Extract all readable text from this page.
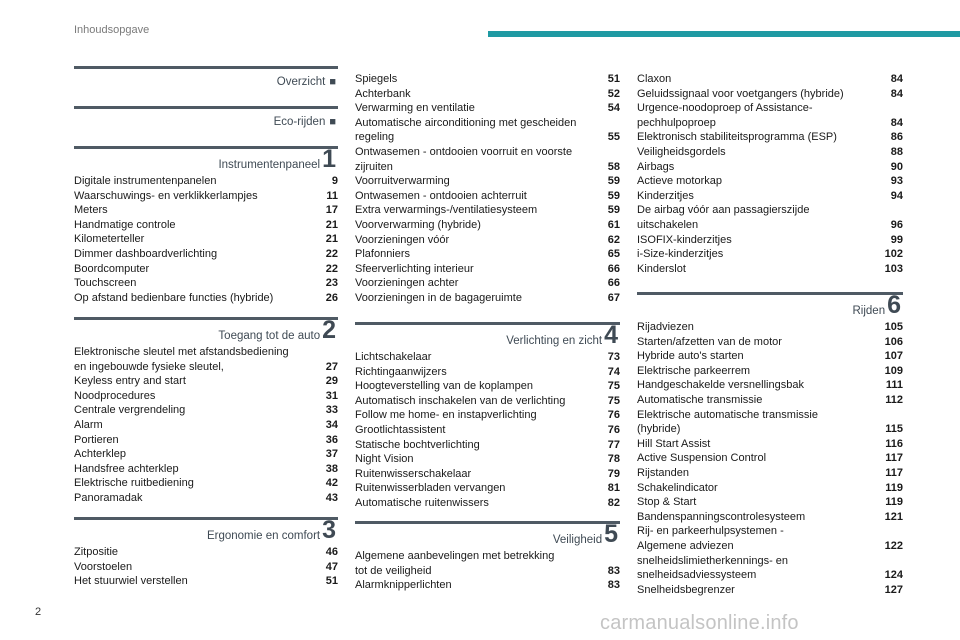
Inhoudsopgave
Overzicht ■
Eco-rijden ■
Instrumentenpaneel1
Digitale instrumentenpanelen	9
Waarschuwings- en verklikkerlampjes	11
Meters	17
Handmatige controle	21
Kilometerteller	21
Dimmer dashboardverlichting	22
Boordcomputer	22
Touchscreen	23
Op afstand bedienbare functies (hybride)	26
Toegang tot de auto2
Elektronische sleutel met afstandsbediening
en ingebouwde fysieke sleutel,	27
Keyless entry and start	29
Noodprocedures	31
Centrale vergrendeling	33
Alarm	34
Portieren	36
Achterklep	37
Handsfree achterklep	38
Elektrische ruitbediening	42
Panoramadak	43
Ergonomie en comfort3
Zitpositie	46
Voorstoelen	47
Het stuurwiel verstellen	51
Spiegels	51
Achterbank	52
Verwarming en ventilatie	54
Automatische airconditioning met gescheiden
regeling	55
Ontwasemen - ontdooien voorruit en voorste
zijruiten	58
Voorruitverwarming	59
Ontwasemen - ontdooien achterruit	59
Extra verwarmings-/ventilatiesysteem	59
Voorverwarming (hybride)	61
Voorzieningen vóór	62
Plafonniers	65
Sfeerverlichting interieur	66
Voorzieningen achter	66
Voorzieningen in de bagageruimte	67
Verlichting en zicht4
Lichtschakelaar	73
Richtingaanwijzers	74
Hoogteverstelling van de koplampen	75
Automatisch inschakelen van de verlichting	75
Follow me home- en instapverlichting	76
Grootlichtassistent	76
Statische bochtverlichting	77
Night Vision	78
Ruitenwisserschakelaar	79
Ruitenwisserbladen vervangen	81
Automatische ruitenwissers	82
Veiligheid5
Algemene aanbevelingen met betrekking
tot de veiligheid	83
Alarmknipperlichten	83
Claxon	84
Geluidssignaal voor voetgangers (hybride)	84
Urgence-noodoproep of Assistance-
pechhulpoproep	84
Elektronisch stabiliteitsprogramma (ESP)	86
Veiligheidsgordels	88
Airbags	90
Actieve motorkap	93
Kinderzitjes	94
De airbag vóór aan passagierszijde
uitschakelen	96
ISOFIX-kinderzitjes	99
i-Size-kinderzitjes	102
Kinderslot	103
Rijden6
Rijadviezen	105
Starten/afzetten van de motor	106
Hybride auto's starten	107
Elektrische parkeerrem	109
Handgeschakelde versnellingsbak	111
Automatische transmissie	112
Elektrische automatische transmissie
(hybride)	115
Hill Start Assist	116
Active Suspension Control	117
Rijstanden	117
Schakelindicator	119
Stop & Start	119
Bandenspanningscontrolesysteem	121
Rij- en parkeerhulpsystemen -
Algemene adviezen	122
snelheidslimietherkennings- en
snelheidsadviessysteem	124
Snelheidsbegrenzer	127
2	carmanualsonline.info
